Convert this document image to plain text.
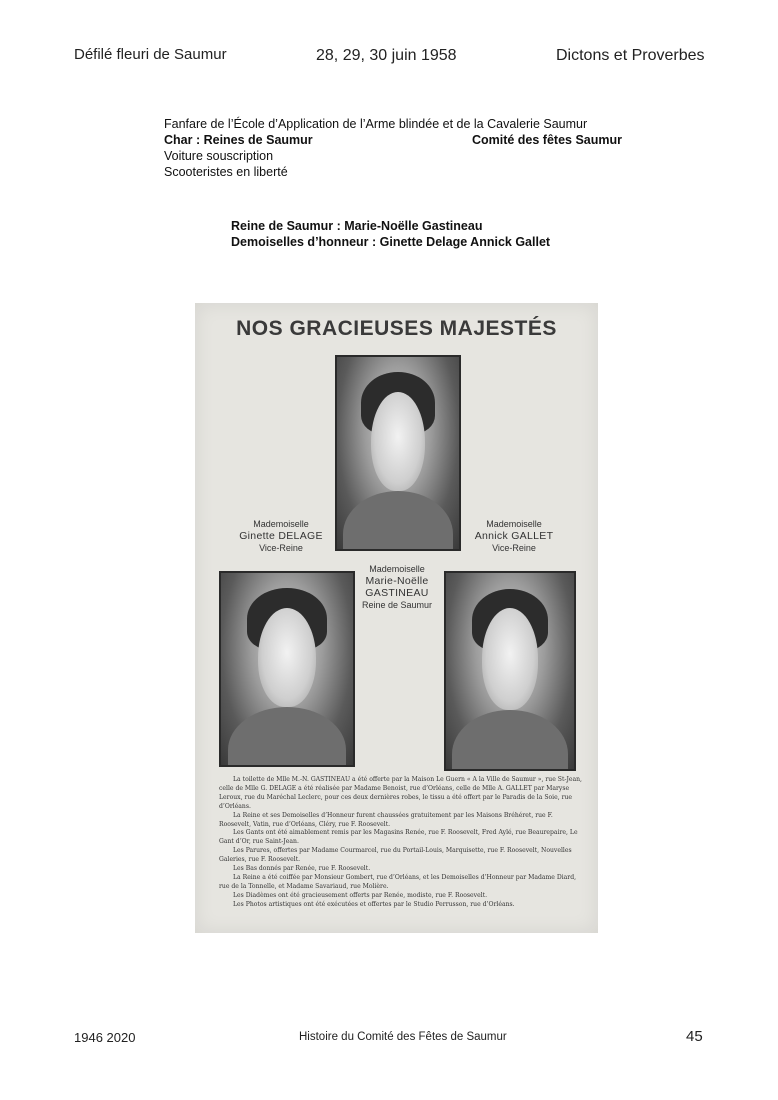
Défilé fleuri de Saumur	28, 29, 30 juin 1958	Dictons et Proverbes
Fanfare de l’École d’Application de l’Arme blindée et de la Cavalerie Saumur
Char : Reines de Saumur	Comité des fêtes Saumur
Voiture souscription
Scooteristes en liberté
Reine de Saumur : Marie-Noëlle Gastineau
Demoiselles d’honneur : Ginette Delage Annick Gallet
NOS GRACIEUSES MAJESTÉS
Mademoiselle
Ginette DELAGE
Vice-Reine
Mademoiselle
Annick GALLET
Vice-Reine
Mademoiselle
Marie-Noëlle
GASTINEAU
Reine de Saumur

La toilette de Mlle M.-N. GASTINEAU a été offerte par la Maison Le Guern « A la Ville de Saumur », rue St-Jean, celle de Mlle G. DELAGE a été réalisée par Madame Benoist, rue d’Orléans, celle de Mlle A. GALLET par Maryse Leroux, rue du Maréchal Leclerc, pour ces deux dernières robes, le tissu a été offert par le Paradis de la Soie, rue d’Orléans.

La Reine et ses Demoiselles d’Honneur furent chaussées gratuitement par les Maisons Bréhéret, rue F. Roosevelt, Vatin, rue d’Orléans, Cléry, rue F. Roosevelt.

Les Gants ont été aimablement remis par les Magasins Renée, rue F. Roosevelt, Fred Aylé, rue Beaurepaire, Le Gant d’Or, rue Saint-Jean.

Les Parures, offertes par Madame Courmarcel, rue du Portail-Louis, Marquisette, rue F. Roosevelt, Nouvelles Galeries, rue F. Roosevelt.

Les Bas donnés par Renée, rue F. Roosevelt.

La Reine a été coiffée par Monsieur Gombert, rue d’Orléans, et les Demoiselles d’Honneur par Madame Diard, rue de la Tonnelle, et Madame Savariaud, rue Molière.

Les Diadèmes ont été gracieusement offerts par Renée, modiste, rue F. Roosevelt.

Les Photos artistiques ont été exécutées et offertes par le Studio Perrusson, rue d’Orléans.

1946 2020	Histoire du Comité des Fêtes de Saumur	45
